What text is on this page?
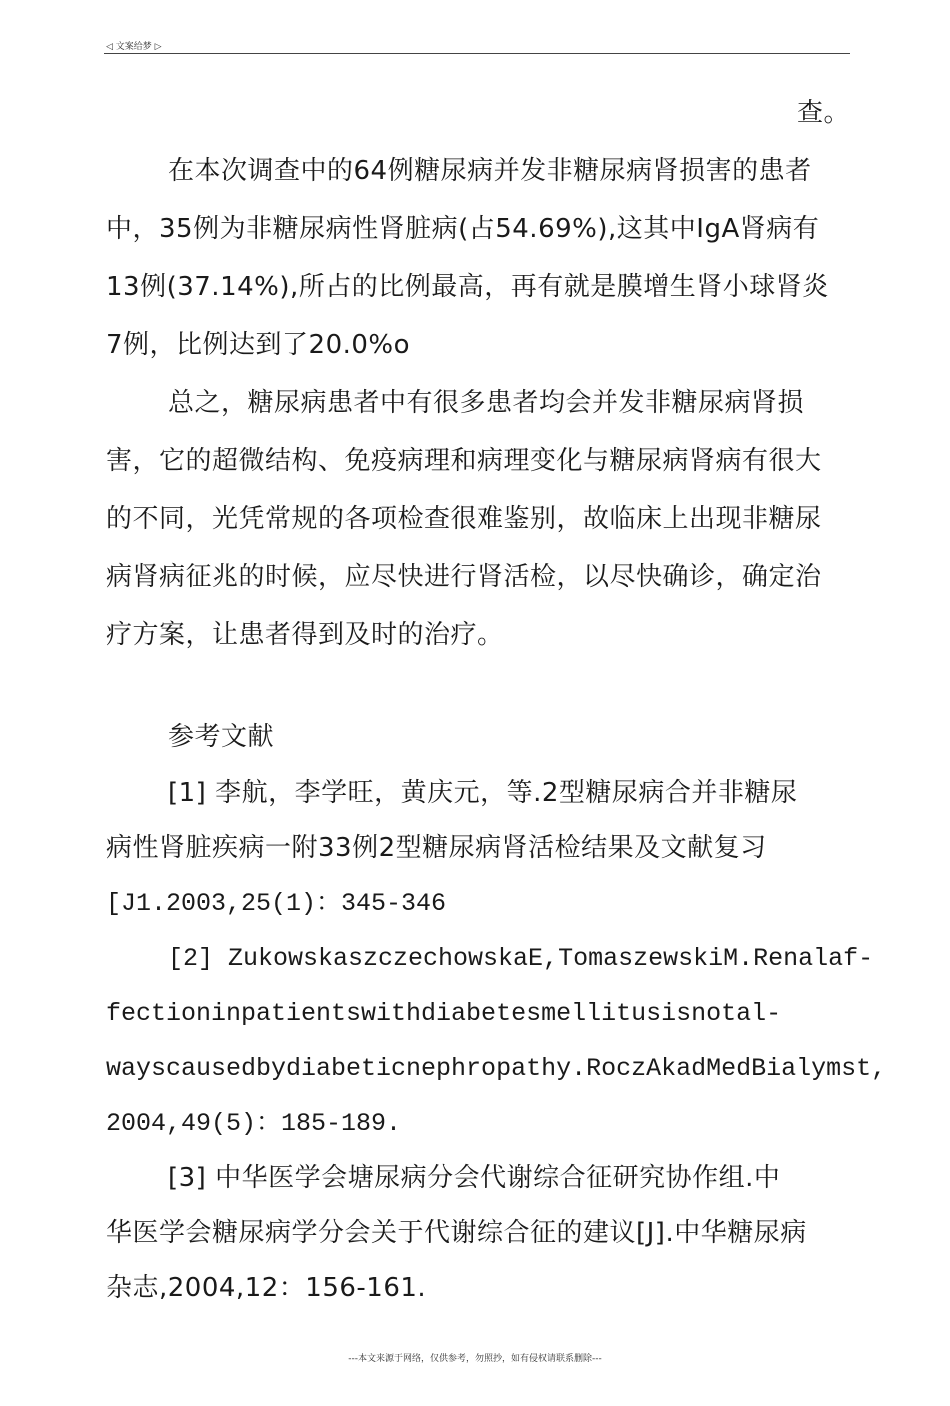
◁ 文案给梦 ▷
查。
在本次调查中的64例糖尿病并发非糖尿病肾损害的患者
中，35例为非糖尿病性肾脏病(占54.69%),这其中IgA肾病有
13例(37.14%),所占的比例最高，再有就是膜增生肾小球肾炎
7例，比例达到了20.0%o
总之，糖尿病患者中有很多患者均会并发非糖尿病肾损
害，它的超微结构、免疫病理和病理变化与糖尿病肾病有很大
的不同，光凭常规的各项检查很难鉴别，故临床上出现非糖尿
病肾病征兆的时候，应尽快进行肾活检，以尽快确诊，确定治
疗方案，让患者得到及时的治疗。
参考文献
[1] 李航，李学旺，黄庆元，等.2型糖尿病合并非糖尿
病性肾脏疾病一附33例2型糖尿病肾活检结果及文献复习
[J1.2003,25(1)：345-346
[2] ZukowskaszczechowskaE,TomaszewskiM.Renalaf-
fectioninpatientswithdiabetesmellitusisnotal-
wayscausedbydiabeticnephropathy.RoczAkadMedBialymst,
2004,49(5)：185-189.
[3] 中华医学会塘尿病分会代谢综合征研究协作组.中
华医学会糖尿病学分会关于代谢综合征的建议[J].中华糖尿病
杂志,2004,12：156-161.
---本文来源于网络，仅供参考，勿照抄，如有侵权请联系删除---
